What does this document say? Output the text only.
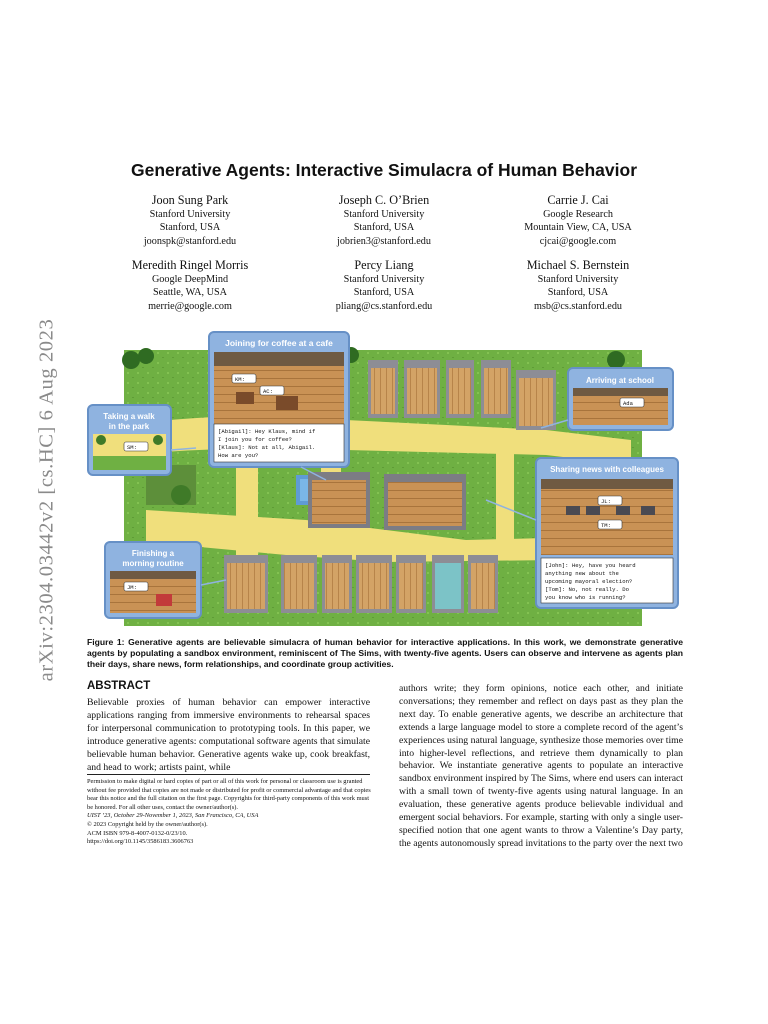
arXiv:2304.03442v2 [cs.HC] 6 Aug 2023
Generative Agents: Interactive Simulacra of Human Behavior
Joon Sung Park
Stanford University
Stanford, USA
joonspk@stanford.edu
Joseph C. O’Brien
Stanford University
Stanford, USA
jobrien3@stanford.edu
Carrie J. Cai
Google Research
Mountain View, CA, USA
cjcai@google.com
Meredith Ringel Morris
Google DeepMind
Seattle, WA, USA
merrie@google.com
Percy Liang
Stanford University
Stanford, USA
pliang@cs.stanford.edu
Michael S. Bernstein
Stanford University
Stanford, USA
msb@cs.stanford.edu
Joining for coffee at a cafe
KM:
AC:
[Abigail]: Hey Klaus, mind if
I join you for coffee?
[Klaus]: Not at all, Abigail.
How are you?
Taking a walk
in the park
SM:
Arriving at school
Ada
Sharing news with colleagues
JL:
TM:
[John]: Hey, have you heard
anything new about the
upcoming mayoral election?
[Tom]: No, not really. Do
you know who is running?
Finishing a
morning routine
JM:
Figure 1: Generative agents are believable simulacra of human behavior for interactive applications. In this work, we demonstrate generative agents by populating a sandbox environment, reminiscent of The Sims, with twenty-five agents. Users can observe and intervene as agents plan their days, share news, form relationships, and coordinate group activities.
ABSTRACT
Believable proxies of human behavior can empower interactive applications ranging from immersive environments to rehearsal spaces for interpersonal communication to prototyping tools. In this paper, we introduce generative agents: computational software agents that simulate believable human behavior. Generative agents wake up, cook breakfast, and head to work; artists paint, while
authors write; they form opinions, notice each other, and initiate conversations; they remember and reflect on days past as they plan the next day. To enable generative agents, we describe an architecture that extends a large language model to store a complete record of the agent’s experiences using natural language, synthesize those memories over time into higher-level reflections, and retrieve them dynamically to plan behavior. We instantiate generative agents to populate an interactive sandbox environment inspired by The Sims, where end users can interact with a small town of twenty-five agents using natural language. In an evaluation, these generative agents produce believable individual and emergent social behaviors. For example, starting with only a single user-specified notion that one agent wants to throw a Valentine’s Day party, the agents autonomously spread invitations to the party over the next two
Permission to make digital or hard copies of part or all of this work for personal or classroom use is granted without fee provided that copies are not made or distributed for profit or commercial advantage and that copies bear this notice and the full citation on the first page. Copyrights for third-party components of this work must be honored. For all other uses, contact the owner/author(s).
UIST ’23, October 29-November 1, 2023, San Francisco, CA, USA
© 2023 Copyright held by the owner/author(s).
ACM ISBN 979-8-4007-0132-0/23/10.
https://doi.org/10.1145/3586183.3606763
